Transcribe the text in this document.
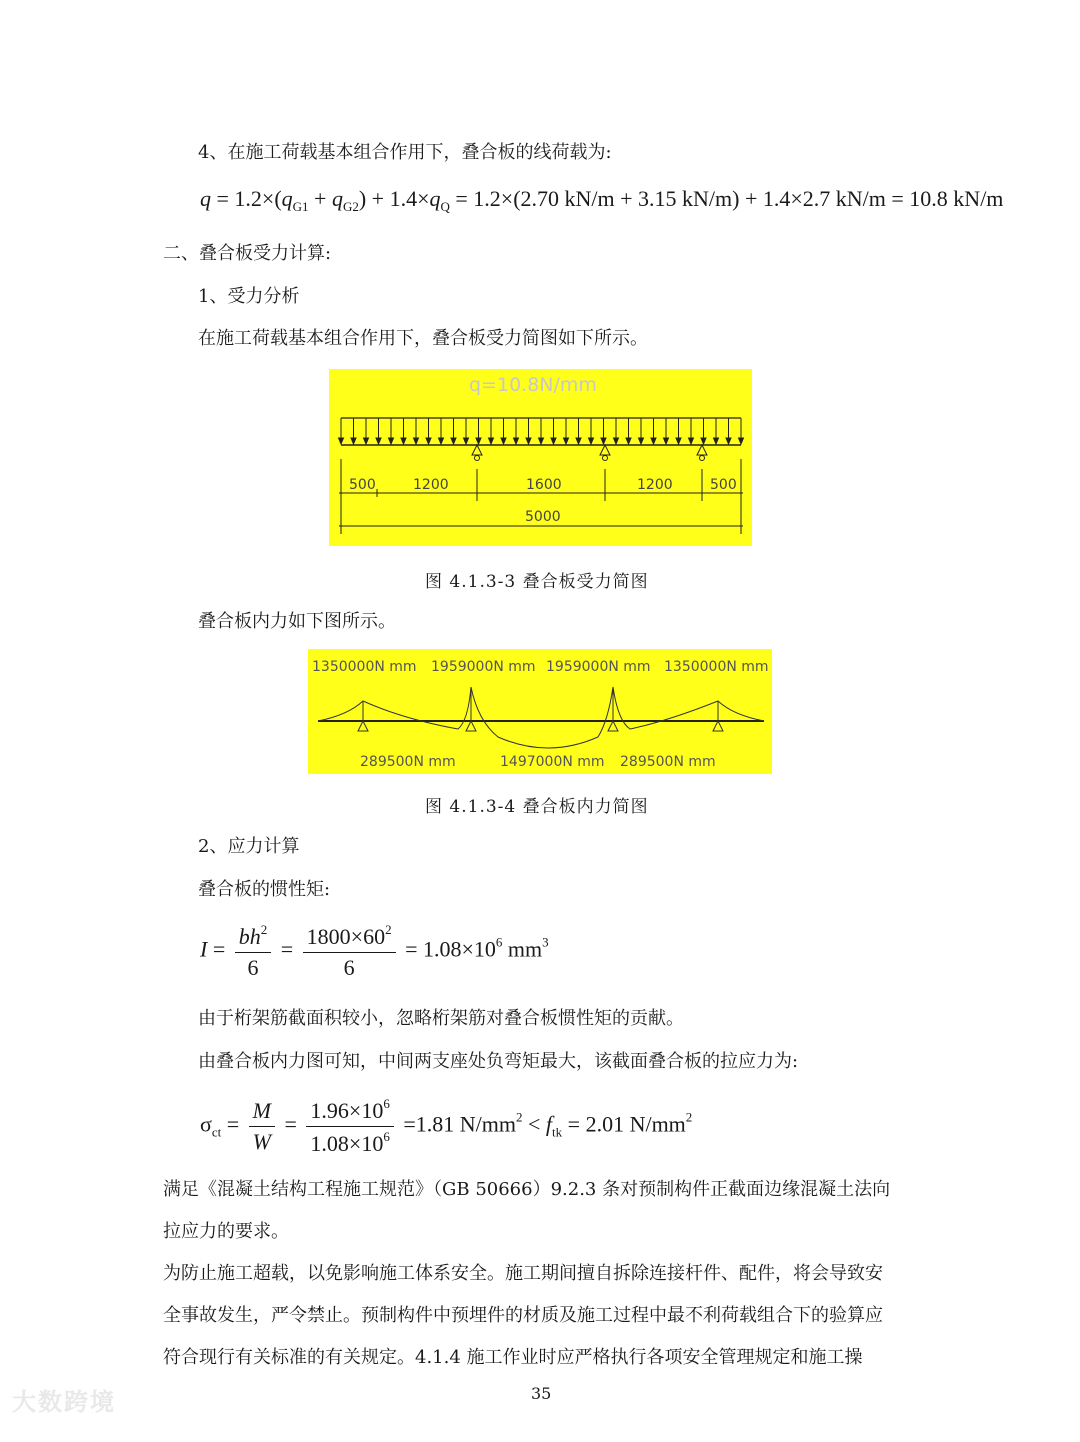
4、在施工荷载基本组合作用下，叠合板的线荷载为:
$q = 1.2\times(q_{G1} + q_{G2}) + 1.4\times q_Q = 1.2\times(2.70$ kN/m + 3.15 kN/m) + 1.4×2.7 kN/m = 10.8 kN/m
二、叠合板受力计算:
1、受力分析
在施工荷载基本组合作用下，叠合板受力简图如下所示。
q=10.8N/mm
500	1200	1600	1200	500
5000
图 4.1.3-3 叠合板受力简图
叠合板内力如下图所示。
1350000N mm 1959000N mm 1959000N mm 1350000N mm
289500N mm	1497000N mm 289500N mm
图 4.1.3-4 叠合板内力简图
2、应力计算
叠合板的惯性矩:
$I = \frac{bh^2}{6} = \frac{1800\times 60^2}{6} = 1.08\times 10^6$ $mm^3$
由于桁架筋截面积较小，忽略桁架筋对叠合板惯性矩的贡献。
由叠合板内力图可知，中间两支座处负弯矩最大，该截面叠合板的拉应力为:
$\sigma_{ct} = \frac{M}{W} = \frac{1.96\times 10^6}{1.08\times 10^6} =1.81$ $N/mm^2 < f_{tk} = 2.01$ $N/mm^2$
满足《混凝土结构工程施工规范》（GB 50666）9.2.3 条对预制构件正截面边缘混凝土法向
拉应力的要求。
为防止施工超载，以免影响施工体系安全。施工期间擅自拆除连接杆件、配件，将会导致安
全事故发生，严令禁止。预制构件中预埋件的材质及施工过程中最不利荷载组合下的验算应
符合现行有关标准的有关规定。4.1.4 施工作业时应严格执行各项安全管理规定和施工操
35
大数跨境
